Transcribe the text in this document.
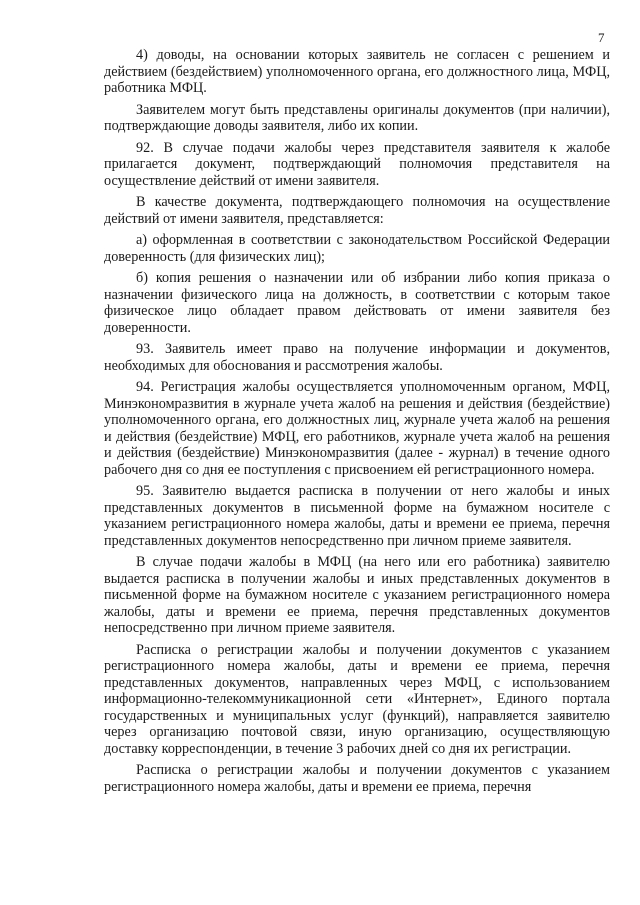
7

4) доводы, на основании которых заявитель не согласен с решением и действием (бездействием) уполномоченного органа, его должностного лица, МФЦ, работника МФЦ.

Заявителем могут быть представлены оригиналы документов (при наличии), подтверждающие доводы заявителя, либо их копии.

92. В случае подачи жалобы через представителя заявителя к жалобе прилагается документ, подтверждающий полномочия представителя на осуществление действий от имени заявителя.

В качестве документа, подтверждающего полномочия на осуществление действий от имени заявителя, представляется:

а) оформленная в соответствии с законодательством Российской Федерации доверенность (для физических лиц);

б) копия решения о назначении или об избрании либо копия приказа о назначении физического лица на должность, в соответствии с которым такое физическое лицо обладает правом действовать от имени заявителя без доверенности.

93. Заявитель имеет право на получение информации и документов, необходимых для обоснования и рассмотрения жалобы.

94. Регистрация жалобы осуществляется уполномоченным органом, МФЦ, Минэкономразвития в журнале учета жалоб на решения и действия (бездействие) уполномоченного органа, его должностных лиц, журнале учета жалоб на решения и действия (бездействие) МФЦ, его работников, журнале учета жалоб на решения и действия (бездействие) Минэкономразвития (далее - журнал) в течение одного рабочего дня со дня ее поступления с присвоением ей регистрационного номера.

95. Заявителю выдается расписка в получении от него жалобы и иных представленных документов в письменной форме на бумажном носителе с указанием регистрационного номера жалобы, даты и времени ее приема, перечня представленных документов непосредственно при личном приеме заявителя.

В случае подачи жалобы в МФЦ (на него или его работника) заявителю выдается расписка в получении жалобы и иных представленных документов в письменной форме на бумажном носителе с указанием регистрационного номера жалобы, даты и времени ее приема, перечня представленных документов непосредственно при личном приеме заявителя.

Расписка о регистрации жалобы и получении документов с указанием регистрационного номера жалобы, даты и времени ее приема, перечня представленных документов, направленных через МФЦ, с использованием информационно-телекоммуникационной сети «Интернет», Единого портала государственных и муниципальных услуг (функций), направляется заявителю через организацию почтовой связи, иную организацию, осуществляющую доставку корреспонденции, в течение 3 рабочих дней со дня их регистрации.

Расписка о регистрации жалобы и получении документов с указанием регистрационного номера жалобы, даты и времени ее приема, перечня
